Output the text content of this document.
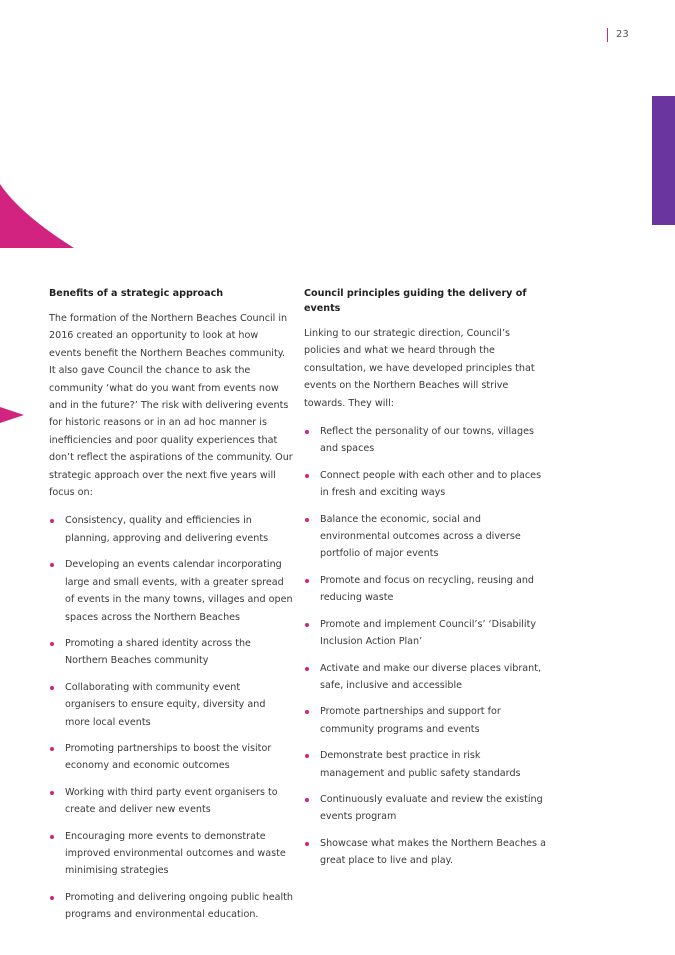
23
Benefits of a strategic approach

The formation of the Northern Beaches Council in 2016 created an opportunity to look at how events benefit the Northern Beaches community. It also gave Council the chance to ask the community ‘what do you want from events now and in the future?’ The risk with delivering events for historic reasons or in an ad hoc manner is inefficiencies and poor quality experiences that don’t reflect the aspirations of the community. Our strategic approach over the next five years will focus on:

Consistency, quality and efficiencies in planning, approving and delivering events
Developing an events calendar incorporating large and small events, with a greater spread of events in the many towns, villages and open spaces across the Northern Beaches
Promoting a shared identity across the Northern Beaches community
Collaborating with community event organisers to ensure equity, diversity and more local events
Promoting partnerships to boost the visitor economy and economic outcomes
Working with third party event organisers to create and deliver new events
Encouraging more events to demonstrate improved environmental outcomes and waste minimising strategies
Promoting and delivering ongoing public health programs and environmental education.
Council principles guiding the delivery of events

Linking to our strategic direction, Council’s policies and what we heard through the consultation, we have developed principles that events on the Northern Beaches will strive towards. They will:

Reflect the personality of our towns, villages and spaces
Connect people with each other and to places in fresh and exciting ways
Balance the economic, social and environmental outcomes across a diverse portfolio of major events
Promote and focus on recycling, reusing and reducing waste
Promote and implement Council’s’ ‘Disability Inclusion Action Plan’
Activate and make our diverse places vibrant, safe, inclusive and accessible
Promote partnerships and support for community programs and events
Demonstrate best practice in risk management and public safety standards
Continuously evaluate and review the existing events program
Showcase what makes the Northern Beaches a great place to live and play.
